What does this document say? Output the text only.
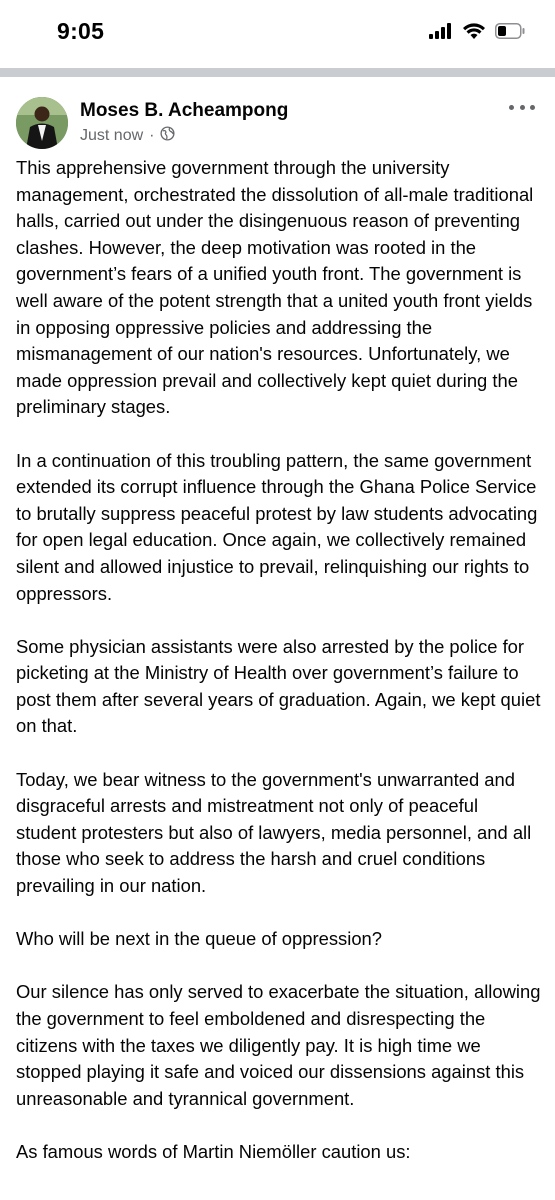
9:05
Moses B. Acheampong
Just now ·

This apprehensive government through the university management, orchestrated the dissolution of all-male traditional halls, carried out under the disingenuous reason of preventing clashes. However, the deep motivation was rooted in the government’s fears of a unified youth front. The government is well aware of the potent strength that a united youth front yields in opposing oppressive policies and addressing the mismanagement of our nation's resources. Unfortunately, we made oppression prevail and collectively kept quiet during the preliminary stages.

In a continuation of this troubling pattern, the same government extended its corrupt influence through the Ghana Police Service to brutally suppress peaceful protest by law students advocating for open legal education. Once again, we collectively remained silent and allowed injustice to prevail, relinquishing our rights to oppressors.

Some physician assistants were also arrested by the police for picketing at the Ministry of Health over government’s failure to post them after several years of graduation. Again, we kept quiet on that.

Today, we bear witness to the government's unwarranted and disgraceful arrests and mistreatment not only of peaceful student protesters but also of lawyers, media personnel, and all those who seek to address the harsh and cruel conditions prevailing in our nation.

Who will be next in the queue of oppression?

Our silence has only served to exacerbate the situation, allowing the government to feel emboldened and disrespecting the citizens with the taxes we diligently pay. It is high time we stopped playing it safe and voiced our dissensions against this unreasonable and tyrannical government.

As famous words of Martin Niemöller caution us:
